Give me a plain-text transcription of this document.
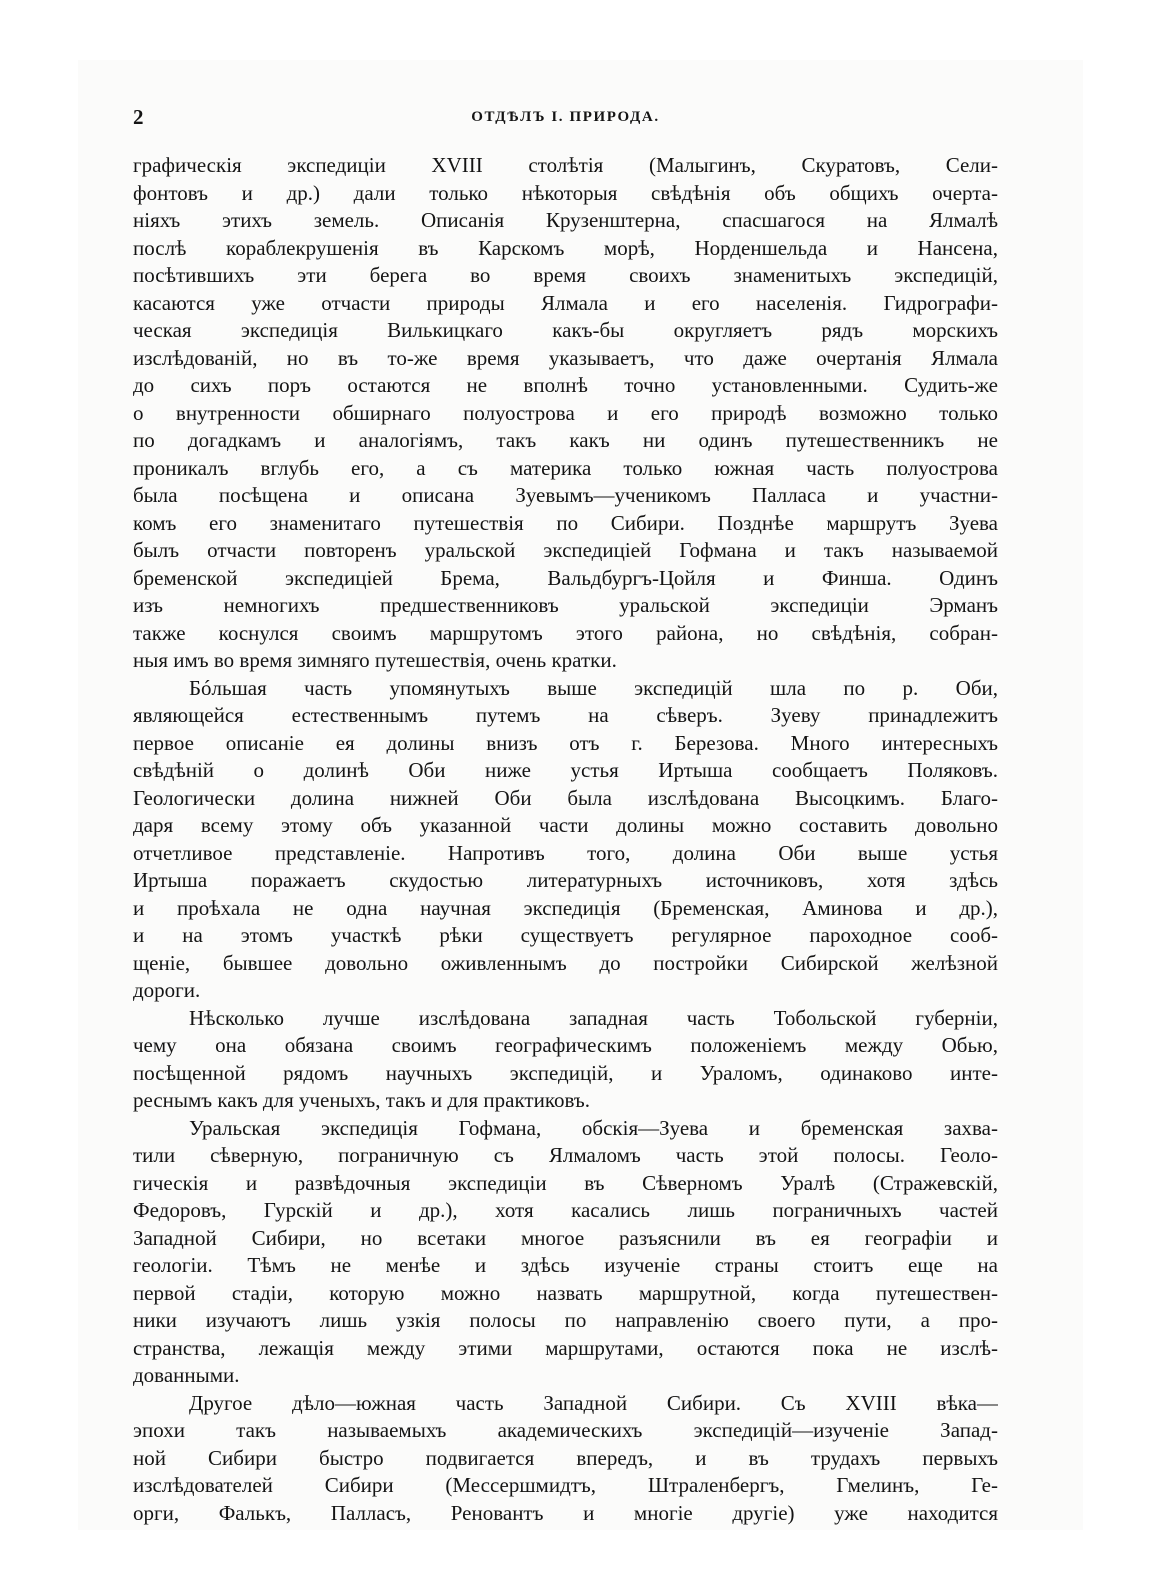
2	ОТДѢЛЪ I. ПРИРОДА.
графическія экспедиціи XVIII столѣтія (Малыгинъ, Скуратовъ, Сели-
фонтовъ и др.) дали только нѣкоторыя свѣдѣнія объ общихъ очерта-
ніяхъ этихъ земель. Описанія Крузенштерна, спасшагося на Ялмалѣ
послѣ кораблекрушенія въ Карскомъ морѣ, Норденшельда и Нансена,
посѣтившихъ эти берега во время своихъ знаменитыхъ экспедицій,
касаются уже отчасти природы Ялмала и его населенія. Гидрографи-
ческая экспедиція Вилькицкаго какъ-бы округляетъ рядъ морскихъ
изслѣдованій, но въ то-же время указываетъ, что даже очертанія Ялмала
до сихъ поръ остаются не вполнѣ точно установленными. Судить-же
о внутренности обширнаго полуострова и его природѣ возможно только
по догадкамъ и аналогіямъ, такъ какъ ни одинъ путешественникъ не
проникалъ вглубь его, а съ материка только южная часть полуострова
была посѣщена и описана Зуевымъ—ученикомъ Палласа и участни-
комъ его знаменитаго путешествія по Сибири. Позднѣе маршрутъ Зуева
былъ отчасти повторенъ уральской экспедиціей Гофмана и такъ называемой
бременской экспедиціей Брема, Вальдбургъ-Цойля и Финша. Одинъ
изъ немногихъ предшественниковъ уральской экспедиціи Эрманъ
также коснулся своимъ маршрутомъ этого района, но свѣдѣнія, собран-
ныя имъ во время зимняго путешествія, очень кратки.
Бóльшая часть упомянутыхъ выше экспедицій шла по р. Оби,
являющейся естественнымъ путемъ на сѣверъ. Зуеву принадлежитъ
первое описаніе ея долины внизъ отъ г. Березова. Много интересныхъ
свѣдѣній о долинѣ Оби ниже устья Иртыша сообщаетъ Поляковъ.
Геологически долина нижней Оби была изслѣдована Высоцкимъ. Благо-
даря всему этому объ указанной части долины можно составить довольно
отчетливое представленіе. Напротивъ того, долина Оби выше устья
Иртыша поражаетъ скудостью литературныхъ источниковъ, хотя здѣсь
и проѣхала не одна научная экспедиція (Бременская, Аминова и др.),
и на этомъ участкѣ рѣки существуетъ регулярное пароходное сооб-
щеніе, бывшее довольно оживленнымъ до постройки Сибирской желѣзной
дороги.
Нѣсколько лучше изслѣдована западная часть Тобольской губерніи,
чему она обязана своимъ географическимъ положеніемъ между Обью,
посѣщенной рядомъ научныхъ экспедицій, и Ураломъ, одинаково инте-
реснымъ какъ для ученыхъ, такъ и для практиковъ.
Уральская экспедиція Гофмана, обскія—Зуева и бременская захва-
тили сѣверную, пограничную съ Ялмаломъ часть этой полосы. Геоло-
гическія и развѣдочныя экспедиціи въ Сѣверномъ Уралѣ (Стражевскій,
Федоровъ, Гурскій и др.), хотя касались лишь пограничныхъ частей
Западной Сибири, но всетаки многое разъяснили въ ея географіи и
геологіи. Тѣмъ не менѣе и здѣсь изученіе страны стоитъ еще на
первой стадіи, которую можно назвать маршрутной, когда путешествен-
ники изучаютъ лишь узкія полосы по направленію своего пути, а про-
странства, лежащія между этими маршрутами, остаются пока не изслѣ-
дованными.
Другое дѣло—южная часть Западной Сибири. Съ XVIII вѣка—
эпохи такъ называемыхъ академическихъ экспедицій—изученіе Запад-
ной Сибири быстро подвигается впередъ, и въ трудахъ первыхъ
изслѣдователей Сибири (Мессершмидтъ, Штраленбергъ, Гмелинъ, Ге-
орги, Фалькъ, Палласъ, Реновантъ и многіе другіе) уже находится
